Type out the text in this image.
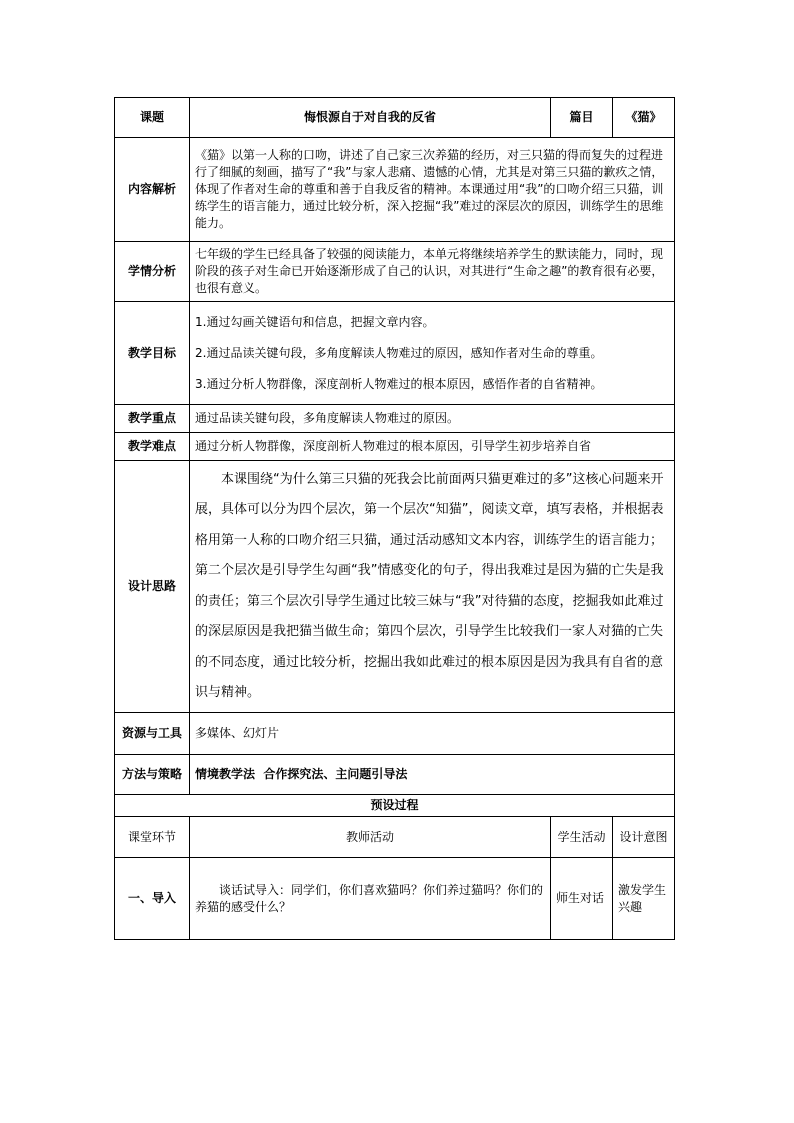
课题	悔恨源自于对自我的反省	篇目	《猫》
内容解析	《猫》以第一人称的口吻，讲述了自己家三次养猫的经历，对三只猫的得而复失的过程进行了细腻的刻画，描写了“我”与家人悲痛、遗憾的心情，尤其是对第三只猫的歉疚之情，体现了作者对生命的尊重和善于自我反省的精神。本课通过用“我”的口吻介绍三只猫，训练学生的语言能力，通过比较分析，深入挖掘“我”难过的深层次的原因，训练学生的思维能力。		

学情分析	七年级的学生已经具备了较强的阅读能力，本单元将继续培养学生的默读能力，同时，现阶段的孩子对生命已开始逐渐形成了自己的认识，对其进行“生命之趣”的教育很有必要，也很有意义。		

教学目标	1.通过勾画关键语句和信息，把握文章内容。

2.通过品读关键句段，多角度解读人物难过的原因，感知作者对生命的尊重。

3.通过分析人物群像，深度剖析人物难过的根本原因，感悟作者的自省精神。		

教学重点	通过品读关键句段，多角度解读人物难过的原因。		
教学难点	通过分析人物群像，深度剖析人物难过的根本原因，引导学生初步培养自省		
设计思路	本课围绕“为什么第三只猫的死我会比前面两只猫更难过的多”这核心问题来开展，具体可以分为四个层次，第一个层次“知猫”，阅读文章，填写表格，并根据表格用第一人称的口吻介绍三只猫，通过活动感知文本内容，训练学生的语言能力；第二个层次是引导学生勾画“我”情感变化的句子，得出我难过是因为猫的亡失是我的责任；第三个层次引导学生通过比较三妹与“我”对待猫的态度，挖掘我如此难过的深层原因是我把猫当做生命；第四个层次，引导学生比较我们一家人对猫的亡失的不同态度，通过比较分析，挖掘出我如此难过的根本原因是因为我具有自省的意识与精神。		

资源与工具	多媒体、幻灯片		
方法与策略	情境教学法  合作探究法、主问题引导法		
预设过程			
课堂环节	教师活动	学生活动	设计意图
一、导入	谈话试导入：同学们，你们喜欢猫吗？你们养过猫吗？你们的养猫的感受什么？	师生对话	激发学生兴趣
